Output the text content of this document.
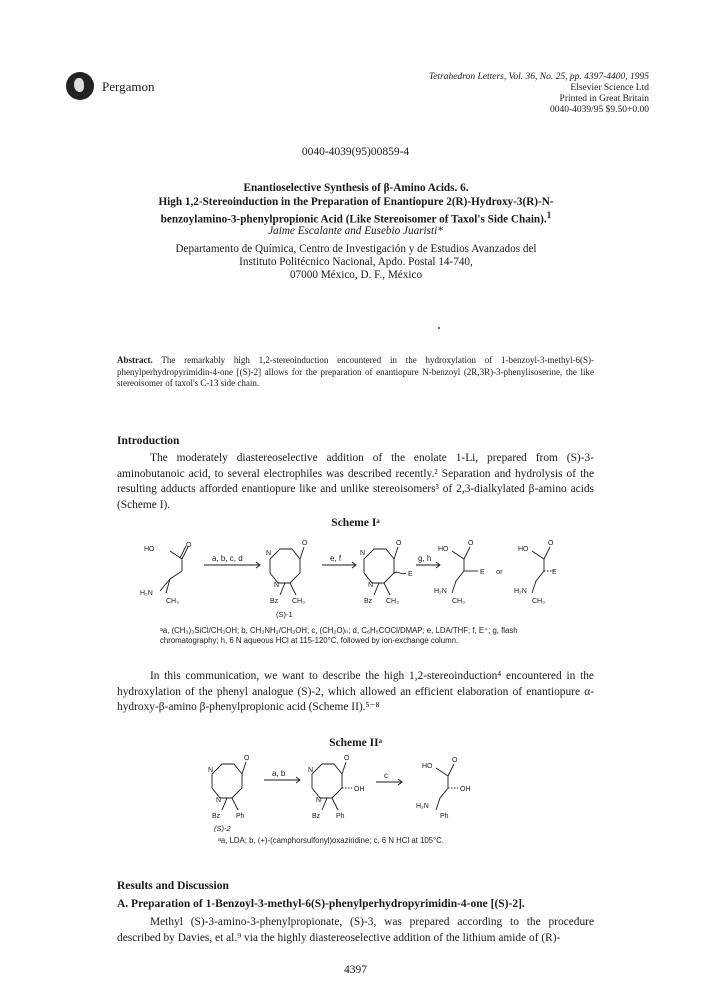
Pergamon
Tetrahedron Letters, Vol. 36, No. 25, pp. 4397-4400, 1995
Elsevier Science Ltd
Printed in Great Britain
0040-4039/95 $9.50+0.00
0040-4039(95)00859-4
Enantioselective Synthesis of β-Amino Acids. 6.
High 1,2-Stereoinduction in the Preparation of Enantiopure 2(R)-Hydroxy-3(R)-N-
benzoylamino-3-phenylpropionic Acid (Like Stereoisomer of Taxol's Side Chain).$^1$
Jaime Escalante and Eusebio Juaristi*
Departamento de Química, Centro de Investigación y de Estudios Avanzados del
Instituto Politécnico Nacional, Apdo. Postal 14-740,
07000 México, D. F., México
Abstract. The remarkably high 1,2-stereoinduction encountered in the hydroxylation of 1-benzoyl-3-methyl-6(S)-phenylperhydropyrimidin-4-one [(S)-2] allows for the preparation of enantiopure N-benzoyl (2R,3R)-3-phenylisoserine, the like stereoisomer of taxol's C-13 side chain.
Introduction
The moderately diastereoselective addition of the enolate 1-Li, prepared from (S)-3-aminobutanoic acid, to several electrophiles was described recently.² Separation and hydrolysis of the resulting adducts afforded enantiopure like and unlike stereoisomers³ of 2,3-dialkylated β-amino acids (Scheme I).
Scheme Iᵃ
HO
O
H₂N
CH₃
a, b, c, d
N
O
N
Bz CH₃
(S)-1
e, f
N
O
E
N
Bz CH₃
g, h
HO
O
E
H₂N
CH₃
or
HO
O
E
H₂N
CH₃
ᵃa, (CH₃)₃SiCl/CH₃OH; b, CH₃NH₂/CH₃OH; c, (CH₂O)ₙ; d, C₆H₅COCl/DMAP; e, LDA/THF; f, E⁺; g, flash chromatography; h, 6 N aqueous HCl at 115-120°C, followed by ion-exchange column.
In this communication, we want to describe the high 1,2-stereoinduction⁴ encountered in the hydroxylation of the phenyl analogue (S)-2, which allowed an efficient elaboration of enantiopure α-hydroxy-β-amino β-phenylpropionic acid (Scheme II).⁵⁻⁸
Scheme IIᵃ
N
O
N
Bz Ph
(S)-2
a, b	N
O
OH
N
Bz Ph
c
HO
O
OH
H₂N
Ph
ᵃa, LDA; b, (+)-(camphorsulfonyl)oxaziridine; c, 6 N HCl at 105°C.
Results and Discussion
A. Preparation of 1-Benzoyl-3-methyl-6(S)-phenylperhydropyrimidin-4-one [(S)-2].
Methyl (S)-3-amino-3-phenylpropionate, (S)-3, was prepared according to the procedure described by Davies, et al.⁹ via the highly diastereoselective addition of the lithium amide of (R)-
4397
